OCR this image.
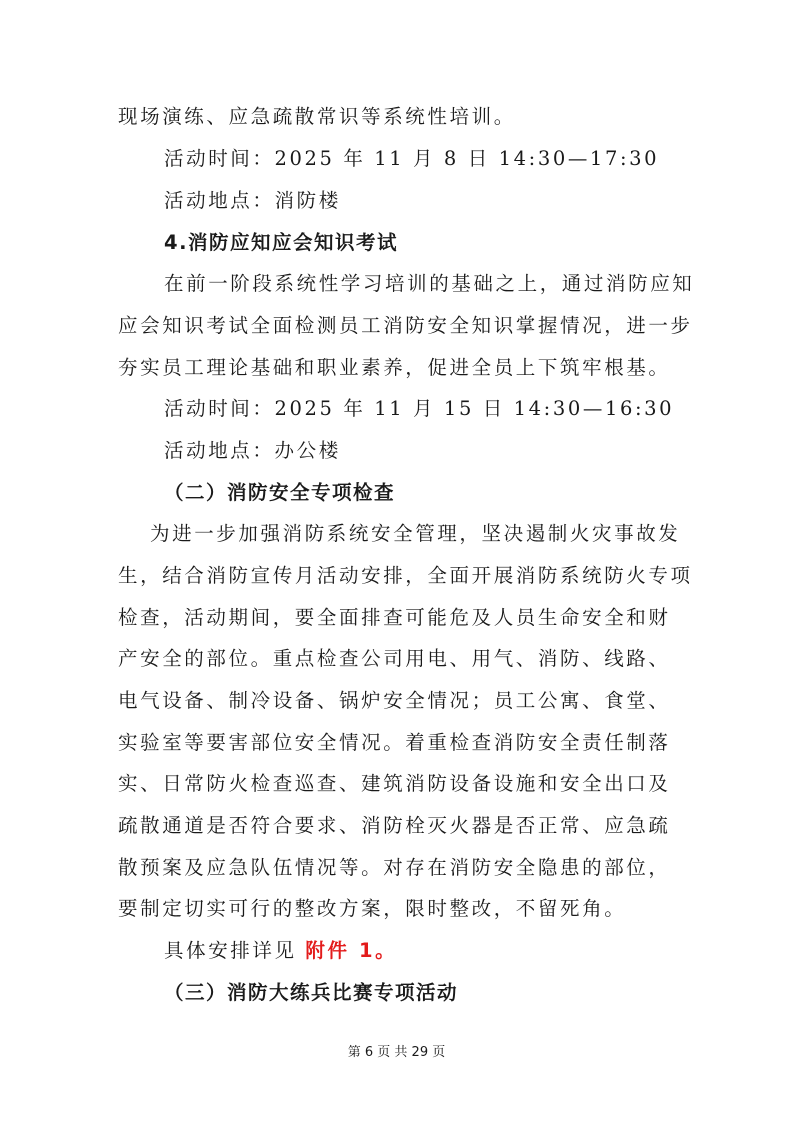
现场演练、应急疏散常识等系统性培训。
活动时间：2025 年 11 月 8 日 14:30—17:30
活动地点：消防楼
4.消防应知应会知识考试
在前一阶段系统性学习培训的基础之上，通过消防应知
应会知识考试全面检测员工消防安全知识掌握情况，进一步
夯实员工理论基础和职业素养，促进全员上下筑牢根基。
活动时间：2025 年 11 月 15 日 14:30—16:30
活动地点：办公楼
（二）消防安全专项检查
为进一步加强消防系统安全管理，坚决遏制火灾事故发
生，结合消防宣传月活动安排，全面开展消防系统防火专项
检查，活动期间，要全面排查可能危及人员生命安全和财
产安全的部位。重点检查公司用电、用气、消防、线路、
电气设备、制冷设备、锅炉安全情况；员工公寓、食堂、
实验室等要害部位安全情况。着重检查消防安全责任制落
实、日常防火检查巡查、建筑消防设备设施和安全出口及
疏散通道是否符合要求、消防栓灭火器是否正常、应急疏
散预案及应急队伍情况等。对存在消防安全隐患的部位，
要制定切实可行的整改方案，限时整改，不留死角。
具体安排详见 附件 1。
（三）消防大练兵比赛专项活动
第 6 页 共 29 页
